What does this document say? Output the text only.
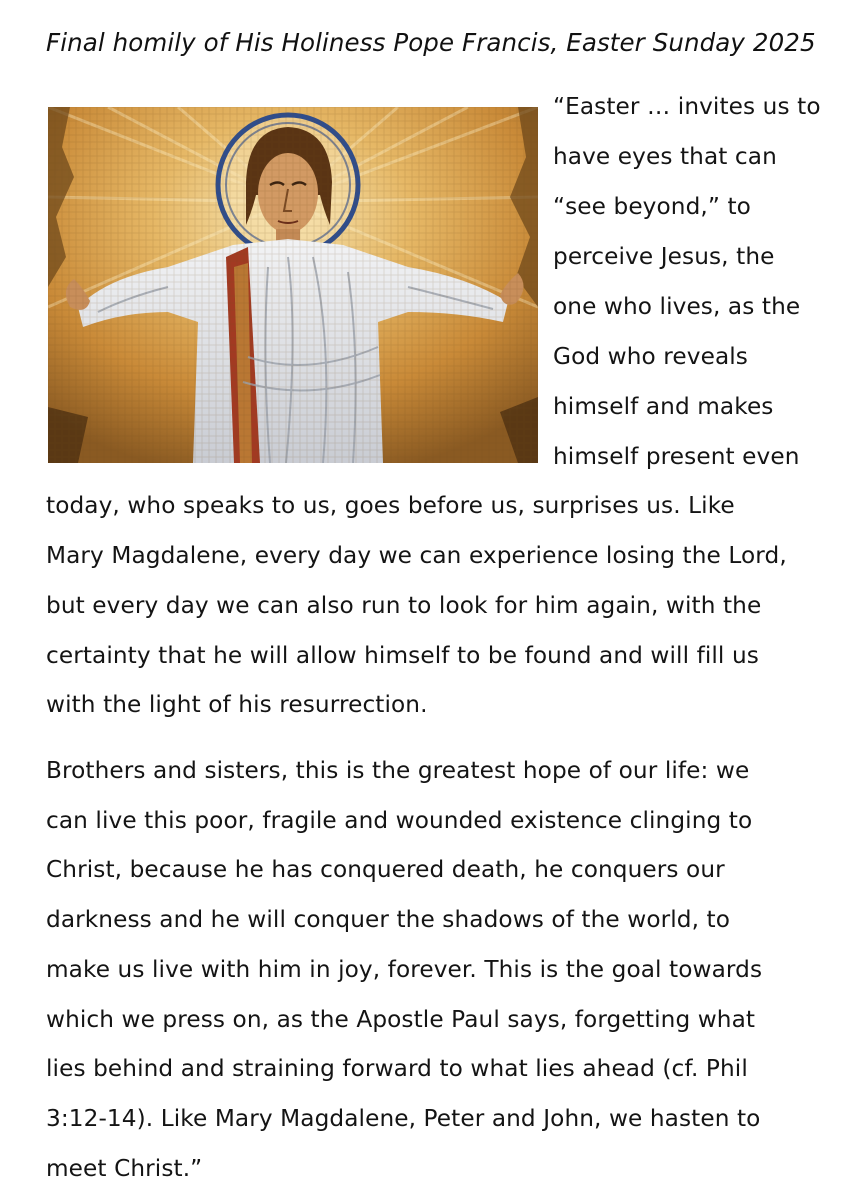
Final homily of His Holiness Pope Francis, Easter Sunday 2025
“Easter … invites us to
have eyes that can
“see beyond,” to
perceive Jesus, the
one who lives, as the
God who reveals
himself and makes
himself present even
today, who speaks to us, goes before us, surprises us. Like
Mary Magdalene, every day we can experience losing the Lord,
but every day we can also run to look for him again, with the
certainty that he will allow himself to be found and will fill us
with the light of his resurrection.
Brothers and sisters, this is the greatest hope of our life: we
can live this poor, fragile and wounded existence clinging to
Christ, because he has conquered death, he conquers our
darkness and he will conquer the shadows of the world, to
make us live with him in joy, forever. This is the goal towards
which we press on, as the Apostle Paul says, forgetting what
lies behind and straining forward to what lies ahead (cf. Phil
3:12-14). Like Mary Magdalene, Peter and John, we hasten to
meet Christ.”
